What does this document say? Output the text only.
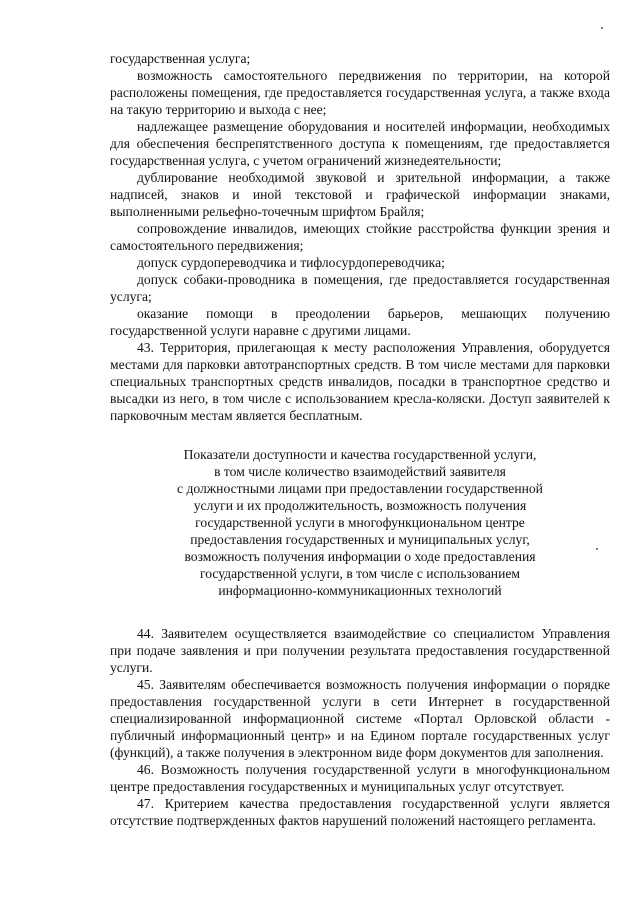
государственная услуга;

возможность самостоятельного передвижения по территории, на которой расположены помещения, где предоставляется государственная услуга, а также входа на такую территорию и выхода с нее;

надлежащее размещение оборудования и носителей информации, необходимых для обеспечения беспрепятственного доступа к помещениям, где предоставляется государственная услуга, с учетом ограничений жизнедеятельности;

дублирование необходимой звуковой и зрительной информации, а также надписей, знаков и иной текстовой и графической информации знаками, выполненными рельефно-точечным шрифтом Брайля;

сопровождение инвалидов, имеющих стойкие расстройства функции зрения и самостоятельного передвижения;

допуск сурдопереводчика и тифлосурдопереводчика;

допуск собаки-проводника в помещения, где предоставляется государственная услуга;

оказание помощи в преодолении барьеров, мешающих получению государственной услуги наравне с другими лицами.

43. Территория, прилегающая к месту расположения Управления, оборудуется местами для парковки автотранспортных средств. В том числе местами для парковки специальных транспортных средств инвалидов, посадки в транспортное средство и высадки из него, в том числе с использованием кресла-коляски. Доступ заявителей к парковочным местам является бесплатным.

Показатели доступности и качества государственной услуги,
в том числе количество взаимодействий заявителя
с должностными лицами при предоставлении государственной
услуги и их продолжительность, возможность получения
государственной услуги в многофункциональном центре
предоставления государственных и муниципальных услуг,
возможность получения информации о ходе предоставления
государственной услуги, в том числе с использованием
информационно-коммуникационных технологий

44. Заявителем осуществляется взаимодействие со специалистом Управления при подаче заявления и при получении результата предоставления государственной услуги.

45. Заявителям обеспечивается возможность получения информации о порядке предоставления государственной услуги в сети Интернет в государственной специализированной информационной системе «Портал Орловской области - публичный информационный центр» и на Едином портале государственных услуг (функций), а также получения в электронном виде форм документов для заполнения.

46. Возможность получения государственной услуги в многофункциональном центре предоставления государственных и муниципальных услуг отсутствует.

47. Критерием качества предоставления государственной услуги является отсутствие подтвержденных фактов нарушений положений настоящего регламента.
